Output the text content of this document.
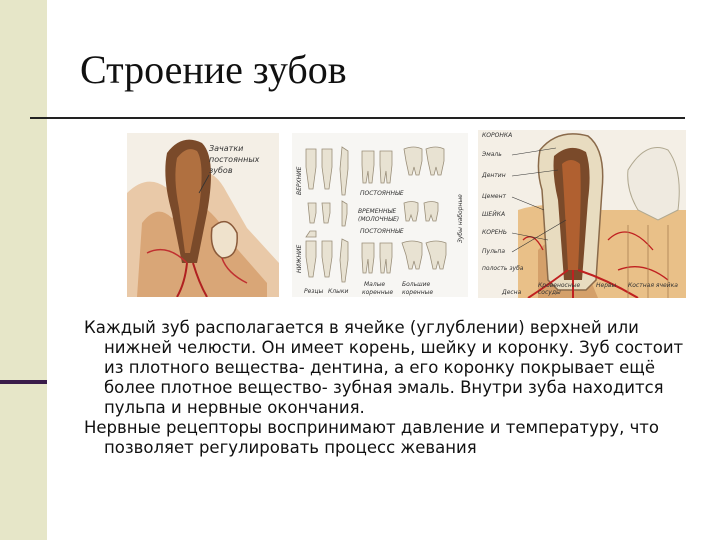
Строение зубов
Зачатки
постоянных
зубов	ВЕРХНИЕ
НИЖНИЕ
Зубы наборные
ПОСТОЯННЫЕ
ВРЕМЕННЫЕ
(МОЛОЧНЫЕ)
ПОСТОЯННЫЕ
Резцы Клыки
Малые
коренные
Большие
коренные
КОРОНКА
Эмаль
Дентин
Цемент
ШЕЙКА
КОРЕНЬ
Пульпа
полость зуба
Десна
Кровеносные
сосуды
Нервы Костная ячейка

Каждый зуб располагается в ячейке (углублении) верхней или нижней челюсти. Он имеет корень, шейку и коронку. Зуб состоит из плотного вещества- дентина, а его коронку покрывает ещё более плотное вещество- зубная эмаль. Внутри зуба находится пульпа и нервные окончания.

Нервные рецепторы воспринимают давление и температуру, что позволяет регулировать процесс жевания
